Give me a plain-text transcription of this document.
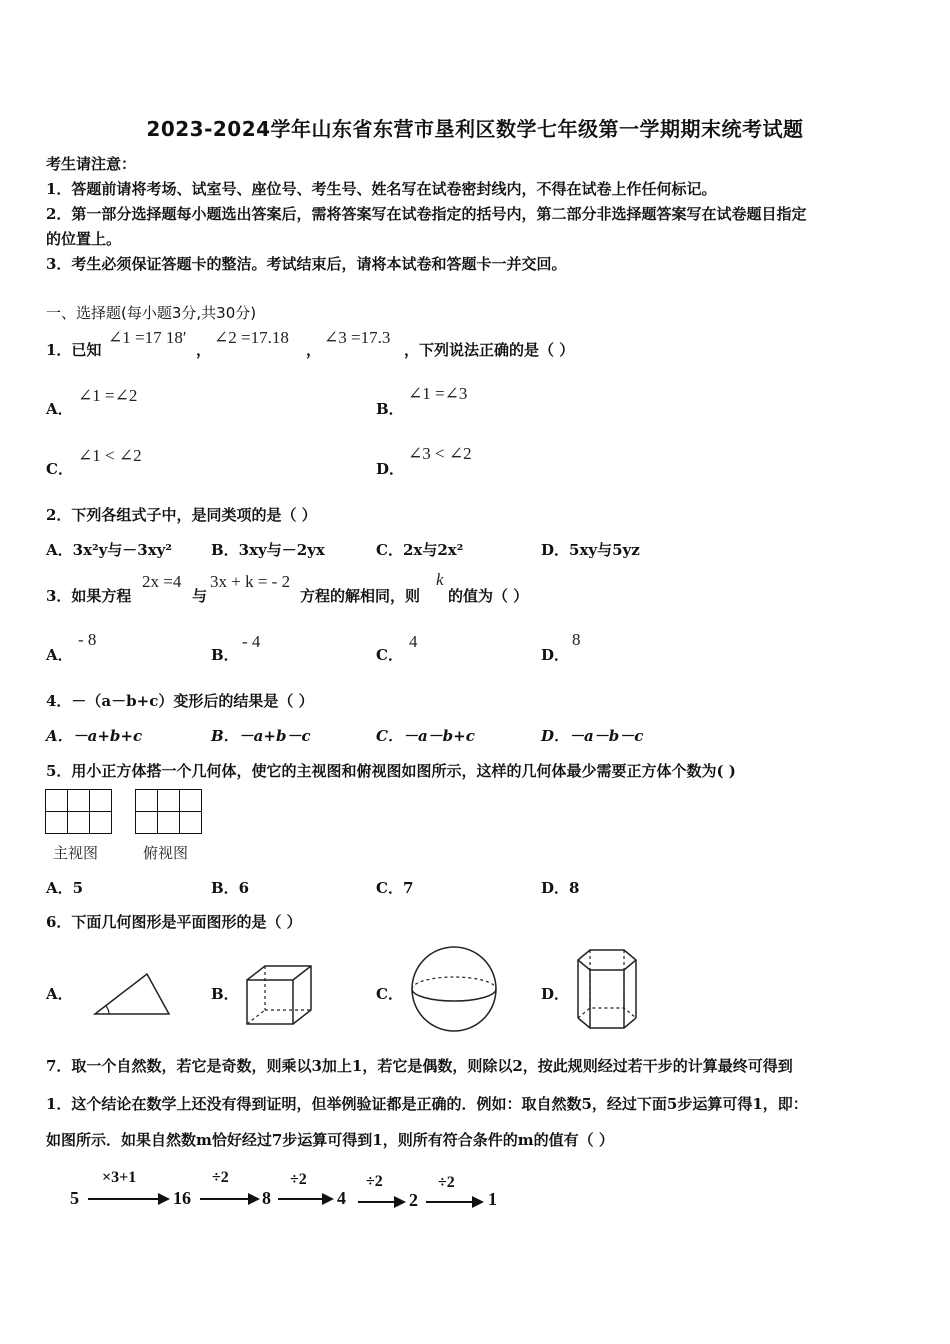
2023-2024学年山东省东营市垦利区数学七年级第一学期期末统考试题
考生请注意：
1．答题前请将考场、试室号、座位号、考生号、姓名写在试卷密封线内，不得在试卷上作任何标记。
2．第一部分选择题每小题选出答案后，需将答案写在试卷指定的括号内，第二部分非选择题答案写在试卷题目指定
的位置上。
3．考生必须保证答题卡的整洁。考试结束后，请将本试卷和答题卡一并交回。
一、选择题(每小题3分,共30分)
1．已知
∠1 =17 18′
，
∠2 =17.18
，
∠3 =17.3
，下列说法正确的是（ ）
A．
∠1 =∠2
B．
∠1 =∠3
C．
∠1 < ∠2
D．
∠3 < ∠2
2．下列各组式子中，是同类项的是（ ）
A．3x²y与－3xy²	B．3xy与－2yx	C．2x与2x²	D．5xy与5yz
3．如果方程
2x =4
与
3x + k = - 2
方程的解相同，则
k
的值为（ ）
A．
- 8
B．
- 4
C．
4
D．
8
4．－（a－b+c）变形后的结果是（ ）
A．－a+b+c	B．－a+b－c	C．－a－b+c	D．－a－b－c
5．用小正方体搭一个几何体，使它的主视图和俯视图如图所示，这样的几何体最少需要正方体个数为( )

主视图	俯视图
A．5	B．6	C．7	D．8
6．下面几何图形是平面图形的是（ ）
A．	B．	C．	D．
7．取一个自然数，若它是奇数，则乘以3加上1，若它是偶数，则除以2，按此规则经过若干步的计算最终可得到
1．这个结论在数学上还没有得到证明，但举例验证都是正确的．例如：取自然数5，经过下面5步运算可得1，即：
如图所示．如果自然数m恰好经过7步运算可得到1，则所有符合条件的m的值有（ ）
5
×3+1
16
÷2
8
÷2
4
÷2
2
÷2
1
